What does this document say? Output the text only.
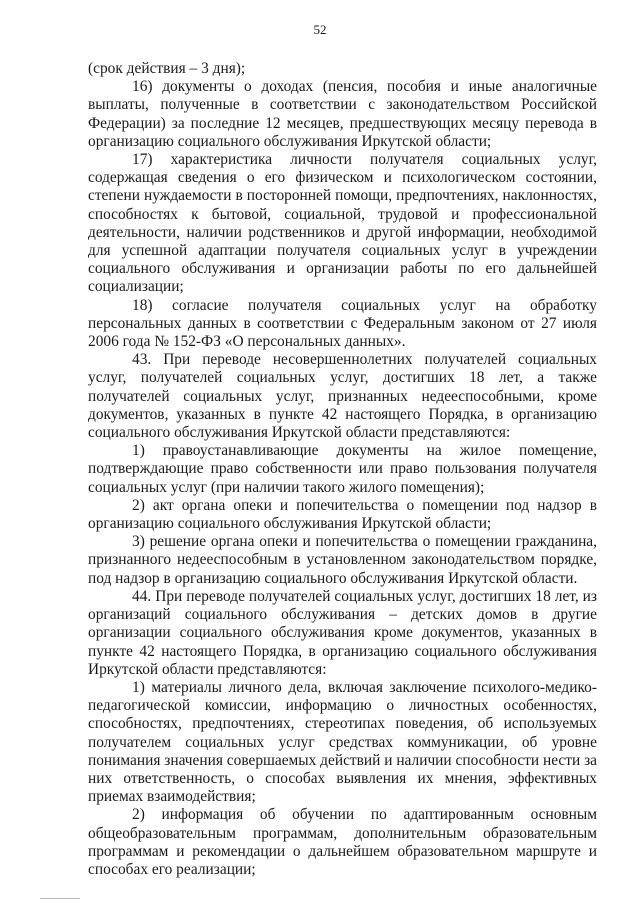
52

(срок действия – 3 дня);

16) документы о доходах (пенсия, пособия и иные аналогичные выплаты, полученные в соответствии с законодательством Российской Федерации) за последние 12 месяцев, предшествующих месяцу перевода в организацию социального обслуживания Иркутской области;

17) характеристика личности получателя социальных услуг, содержащая сведения о его физическом и психологическом состоянии, степени нуждаемости в посторонней помощи, предпочтениях, наклонностях, способностях к бытовой, социальной, трудовой и профессиональной деятельности, наличии родственников и другой информации, необходимой для успешной адаптации получателя социальных услуг в учреждении социального обслуживания и организации работы по его дальнейшей социализации;

18) согласие получателя социальных услуг на обработку персональных данных в соответствии с Федеральным законом от 27 июля 2006 года № 152-ФЗ «О персональных данных».

43. При переводе несовершеннолетних получателей социальных услуг, получателей социальных услуг, достигших 18 лет, а также получателей социальных услуг, признанных недееспособными, кроме документов, указанных в пункте 42 настоящего Порядка, в организацию социального обслуживания Иркутской области представляются:

1) правоустанавливающие документы на жилое помещение, подтверждающие право собственности или право пользования получателя социальных услуг (при наличии такого жилого помещения);

2) акт органа опеки и попечительства о помещении под надзор в организацию социального обслуживания Иркутской области;

3) решение органа опеки и попечительства о помещении гражданина, признанного недееспособным в установленном законодательством порядке, под надзор в организацию социального обслуживания Иркутской области.

44. При переводе получателей социальных услуг, достигших 18 лет, из организаций социального обслуживания – детских домов в другие организации социального обслуживания кроме документов, указанных в пункте 42 настоящего Порядка, в организацию социального обслуживания Иркутской области представляются:

1) материалы личного дела, включая заключение психолого-медико-педагогической комиссии, информацию о личностных особенностях, способностях, предпочтениях, стереотипах поведения, об используемых получателем социальных услуг средствах коммуникации, об уровне понимания значения совершаемых действий и наличии способности нести за них ответственность, о способах выявления их мнения, эффективных приемах взаимодействия;

2) информация об обучении по адаптированным основным общеобразовательным программам, дополнительным образовательным программам и рекомендации о дальнейшем образовательном маршруте и способах его реализации;
